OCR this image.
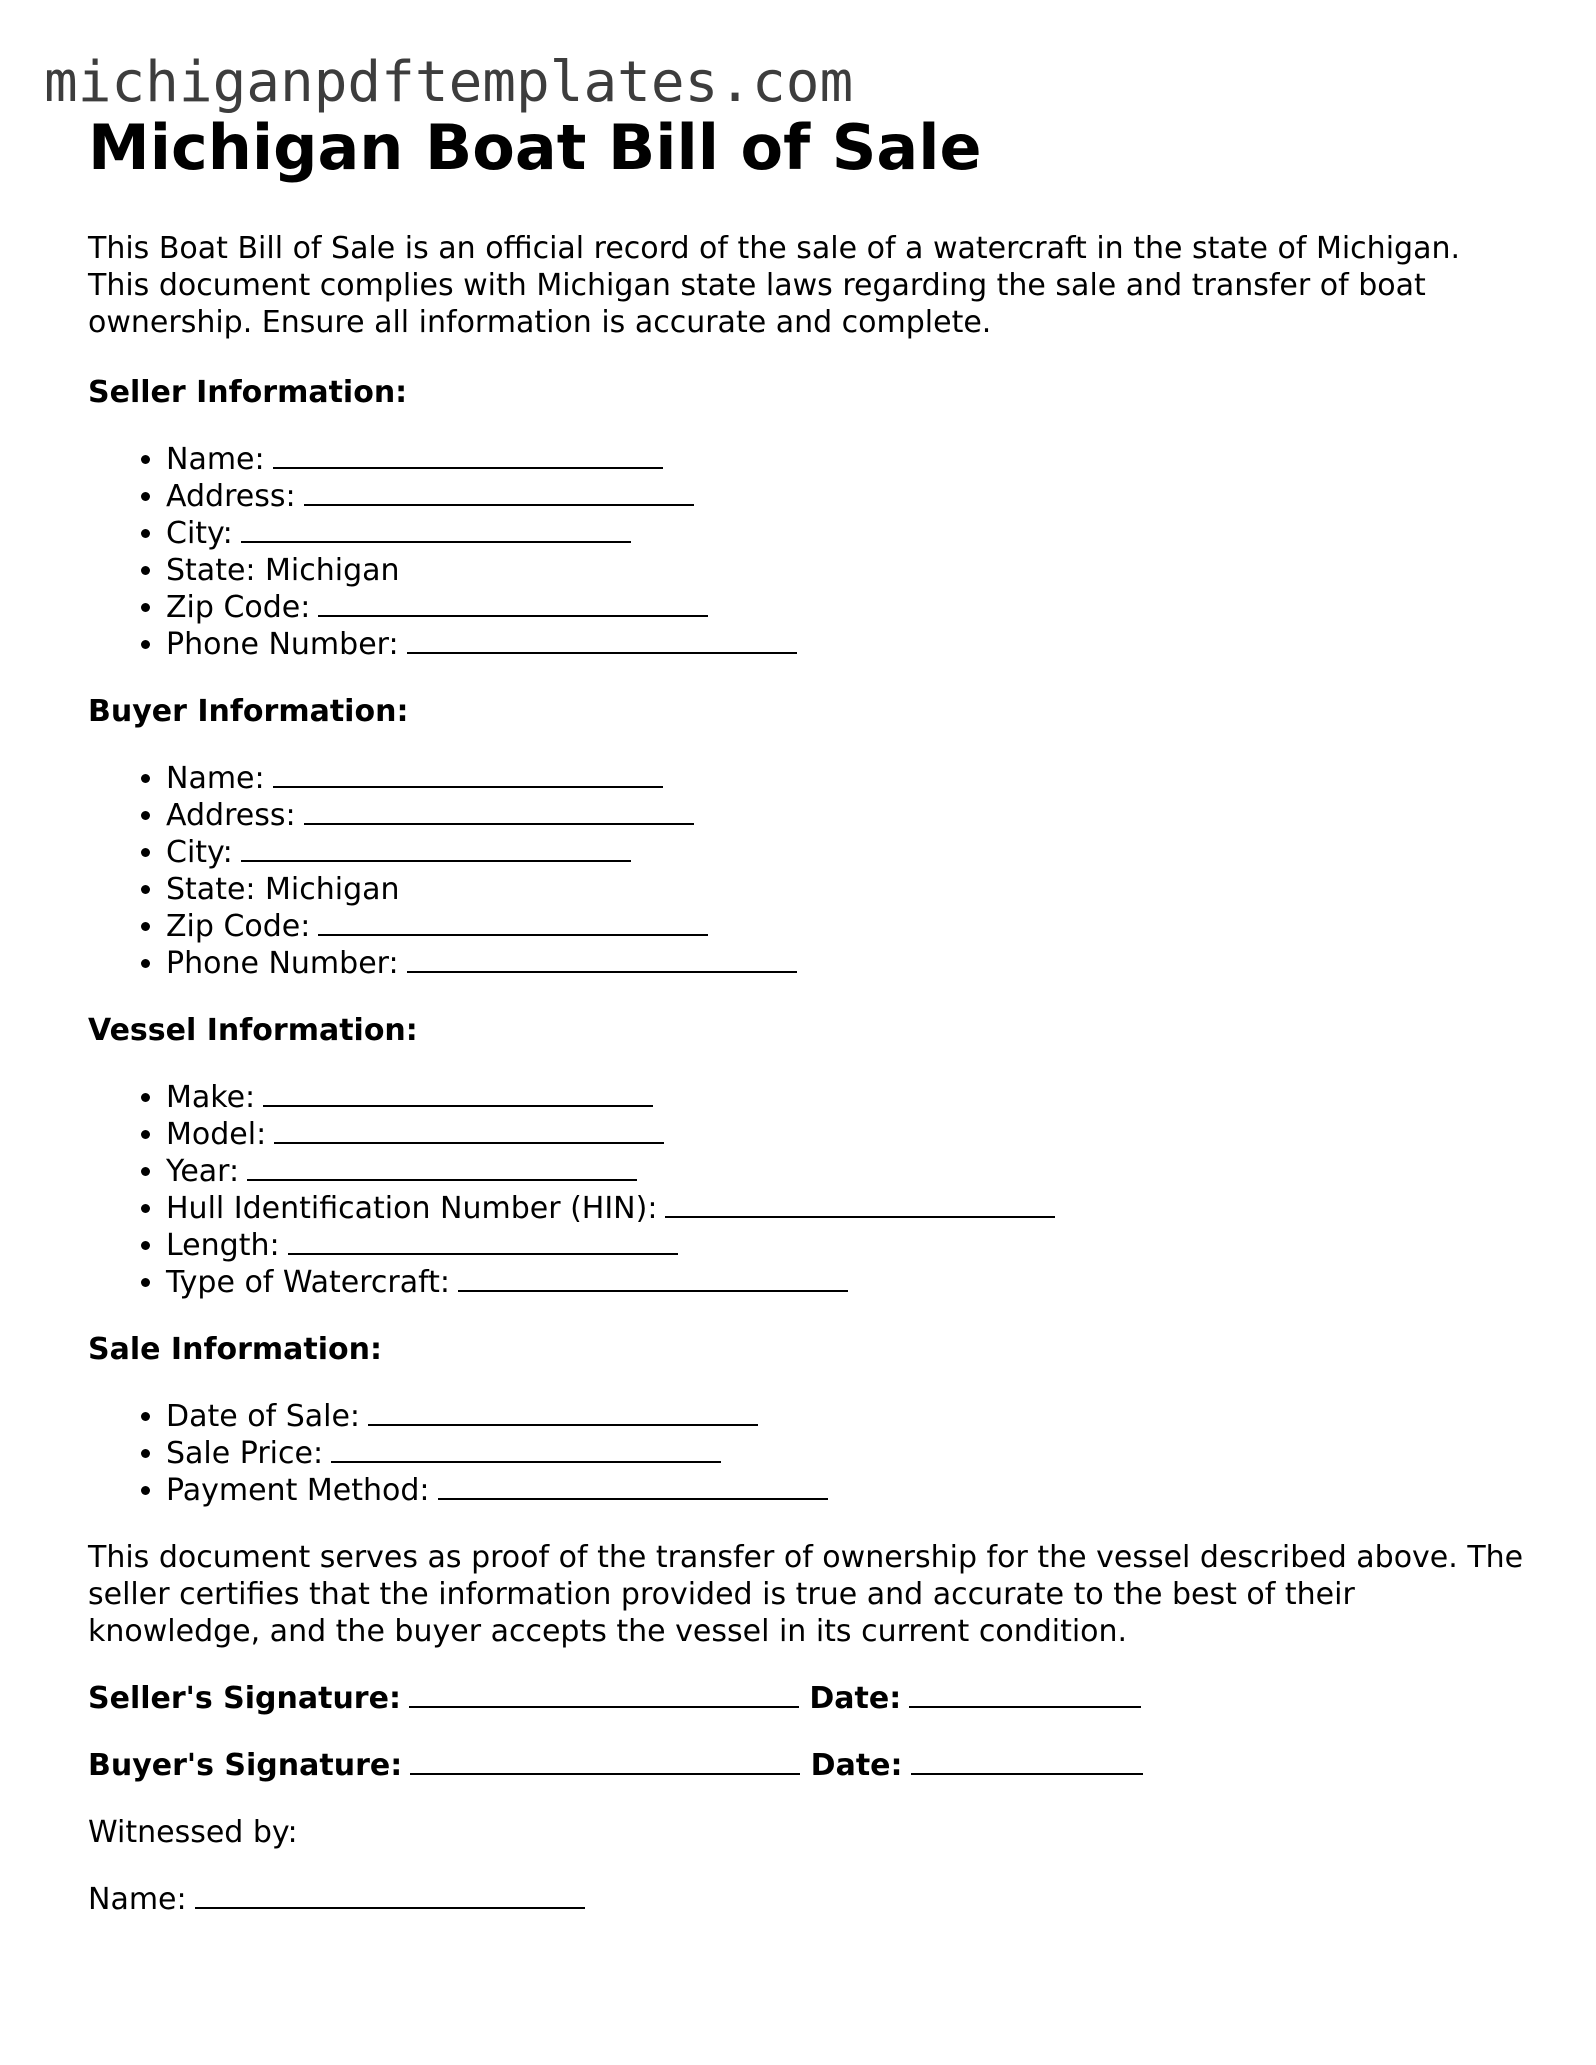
michiganpdftemplates.com
Michigan Boat Bill of Sale

This Boat Bill of Sale is an official record of the sale of a watercraft in the state of Michigan. This document complies with Michigan state laws regarding the sale and transfer of boat ownership. Ensure all information is accurate and complete.

Seller Information:

• Name:
• Address:
• City:
• State: Michigan
• Zip Code:
• Phone Number:

Buyer Information:

• Name:
• Address:
• City:
• State: Michigan
• Zip Code:
• Phone Number:

Vessel Information:

• Make:
• Model:
• Year:
• Hull Identification Number (HIN):
• Length:
• Type of Watercraft:

Sale Information:

• Date of Sale:
• Sale Price:
• Payment Method:

This document serves as proof of the transfer of ownership for the vessel described above. The seller certifies that the information provided is true and accurate to the best of their knowledge, and the buyer accepts the vessel in its current condition.

Seller's Signature:	Date:

Buyer's Signature:	Date:

Witnessed by:

Name:
